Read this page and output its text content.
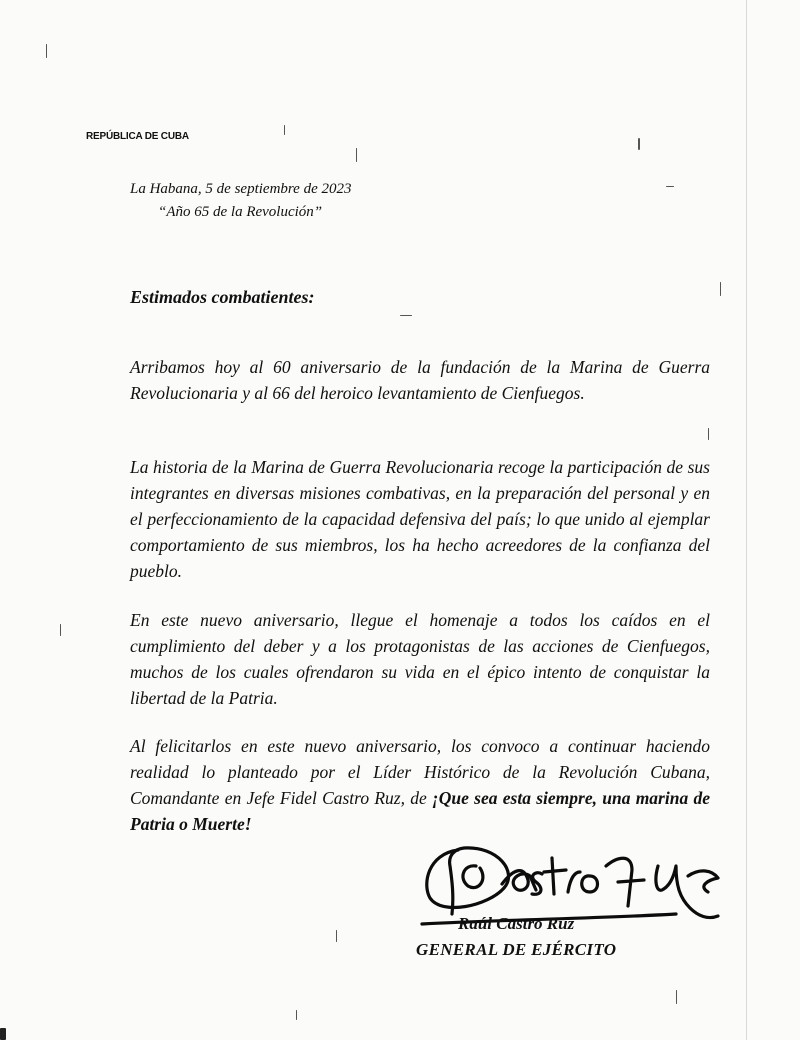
REPÚBLICA DE CUBA
La Habana, 5 de septiembre de 2023
“Año 65 de la Revolución”
Estimados combatientes:
Arribamos hoy al 60 aniversario de la fundación de la Marina de Guerra Revolucionaria y al 66 del heroico levantamiento de Cienfuegos.
La historia de la Marina de Guerra Revolucionaria recoge la participación de sus integrantes en diversas misiones combativas, en la preparación del personal y en el perfeccionamiento de la capacidad defensiva del país; lo que unido al ejemplar comportamiento de sus miembros, los ha hecho acreedores de la confianza del pueblo.
En este nuevo aniversario, llegue el homenaje a todos los caídos en el cumplimiento del deber y a los protagonistas de las acciones de Cienfuegos, muchos de los cuales ofrendaron su vida en el épico intento de conquistar la libertad de la Patria.
Al felicitarlos en este nuevo aniversario, los convoco a continuar haciendo realidad lo planteado por el Líder Histórico de la Revolución Cubana, Comandante en Jefe Fidel Castro Ruz, de ¡Que sea esta siempre, una marina de Patria o Muerte!
Raúl Castro Ruz
GENERAL DE EJÉRCITO
